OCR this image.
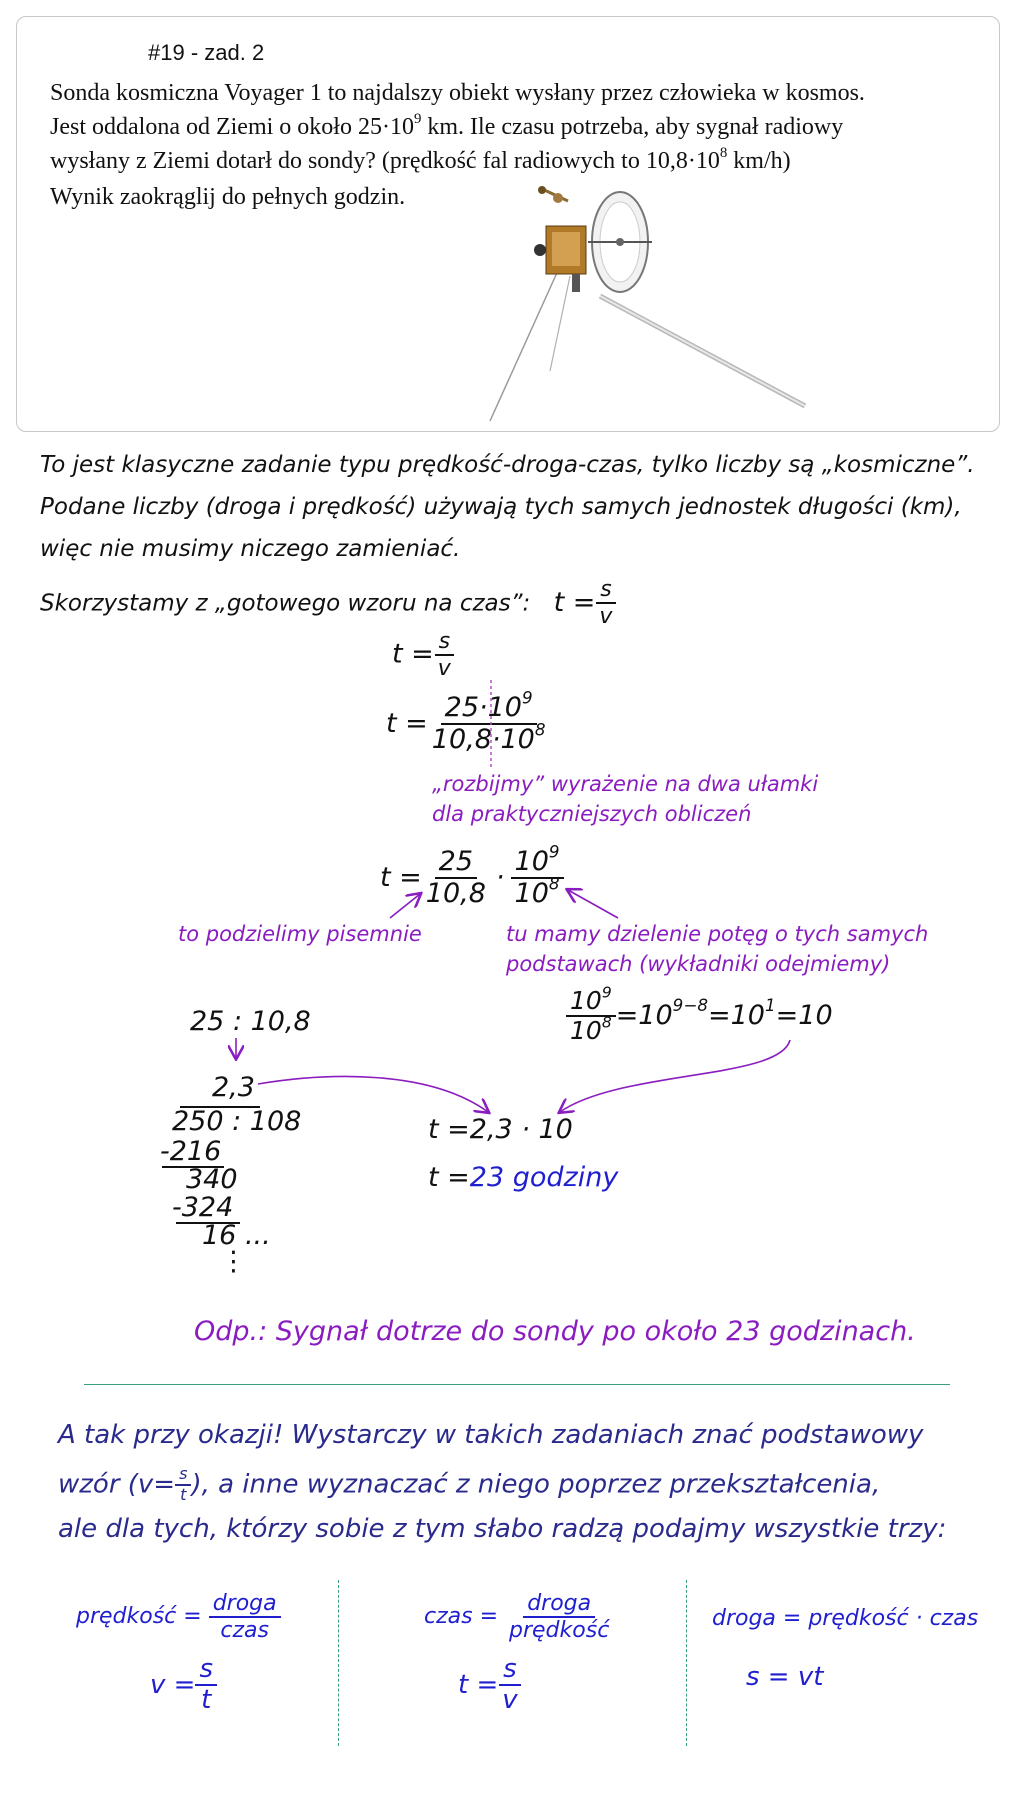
#19 - zad. 2
Sonda kosmiczna Voyager 1 to najdalszy obiekt wysłany przez człowieka w kosmos.
Jest oddalona od Ziemi o około $25\cdot 10^9$ km. Ile czasu potrzeba, aby sygnał radiowy
wysłany z Ziemi dotarł do sondy? (prędkość fal radiowych to $10,8\cdot 10^8$ km/h)
Wynik zaokrąglij do pełnych godzin.
To jest klasyczne zadanie typu prędkość-droga-czas, tylko liczby są „kosmiczne”.
Podane liczby (droga i prędkość) używają tych samych jednostek długości (km),
więc nie musimy niczego zamieniać.
Skorzystamy z „gotowego wzoru na czas”: $t = \frac{s}{v}$
$t = \frac{s}{v}$
$t = \frac{25\cdot 10^9}{10,8\cdot 10^8}$
„rozbijmy” wyrażenie na dwa ułamki
dla praktyczniejszych obliczeń
$t = \frac{25}{10,8} \cdot \frac{10^9}{10^8}$
to podzielimy pisemnie	tu mamy dzielenie potęg o tych samych
podstawach (wykładniki odejmiemy)
$\frac{10^9}{10^8} =10^{9-8}=10^1=10$
25 : 10,8
2,3
250 : 108
-216
340
-324
16 ...
⋮
t =2,3 · 10
t =23 godziny
Odp.: Sygnał dotrze do sondy po około 23 godzinach.
A tak przy okazji! Wystarczy w takich zadaniach znać podstawowy
wzór ($v= \frac{s}{t}$ ), a inne wyznaczać z niego poprzez przekształcenia,
ale dla tych, którzy sobie z tym słabo radzą podajmy wszystkie trzy:
prędkość = $\frac{\text{droga}}{\text{czas}}$
$v = \frac{s}{t}$
czas = $\frac{\text{droga}}{\text{prędkość}}$
$t = \frac{s}{v}$
droga = prędkość · czas
s = vt
